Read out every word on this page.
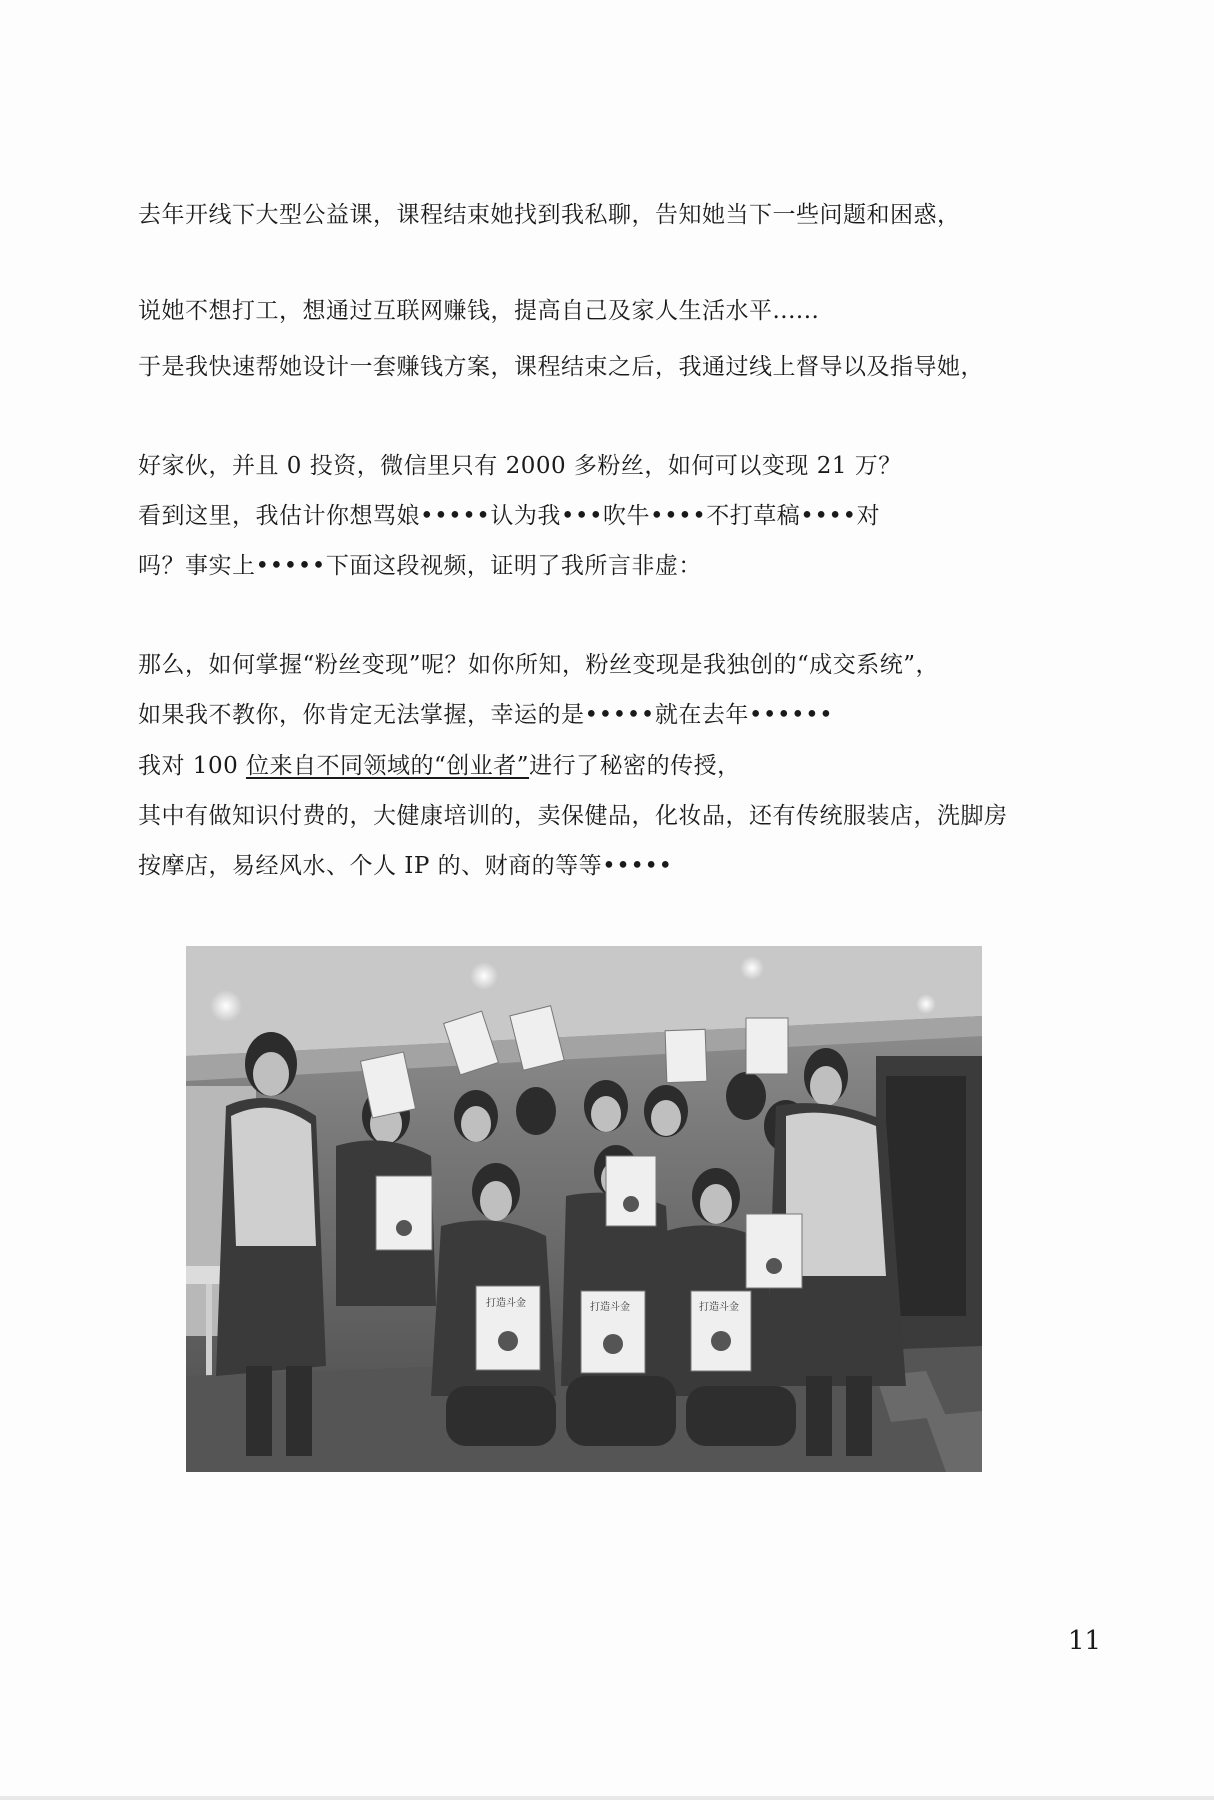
去年开线下大型公益课，课程结束她找到我私聊，告知她当下一些问题和困惑，
说她不想打工，想通过互联网赚钱，提高自己及家人生活水平......
于是我快速帮她设计一套赚钱方案，课程结束之后，我通过线上督导以及指导她，
好家伙，并且 0 投资，微信里只有 2000 多粉丝，如何可以变现 21 万？
看到这里，我估计你想骂娘•••••认为我•••吹牛••••不打草稿••••对
吗？事实上•••••下面这段视频，证明了我所言非虚：
那么，如何掌握“粉丝变现”呢？如你所知，粉丝变现是我独创的“成交系统”，
如果我不教你，你肯定无法掌握，幸运的是•••••就在去年••••••
我对 100 位来自不同领域的“创业者”进行了秘密的传授，
其中有做知识付费的，大健康培训的，卖保健品，化妆品，还有传统服装店，洗脚房
按摩店，易经风水、个人 IP 的、财商的等等•••••
打造斗金	打造斗金	打造斗金
11
